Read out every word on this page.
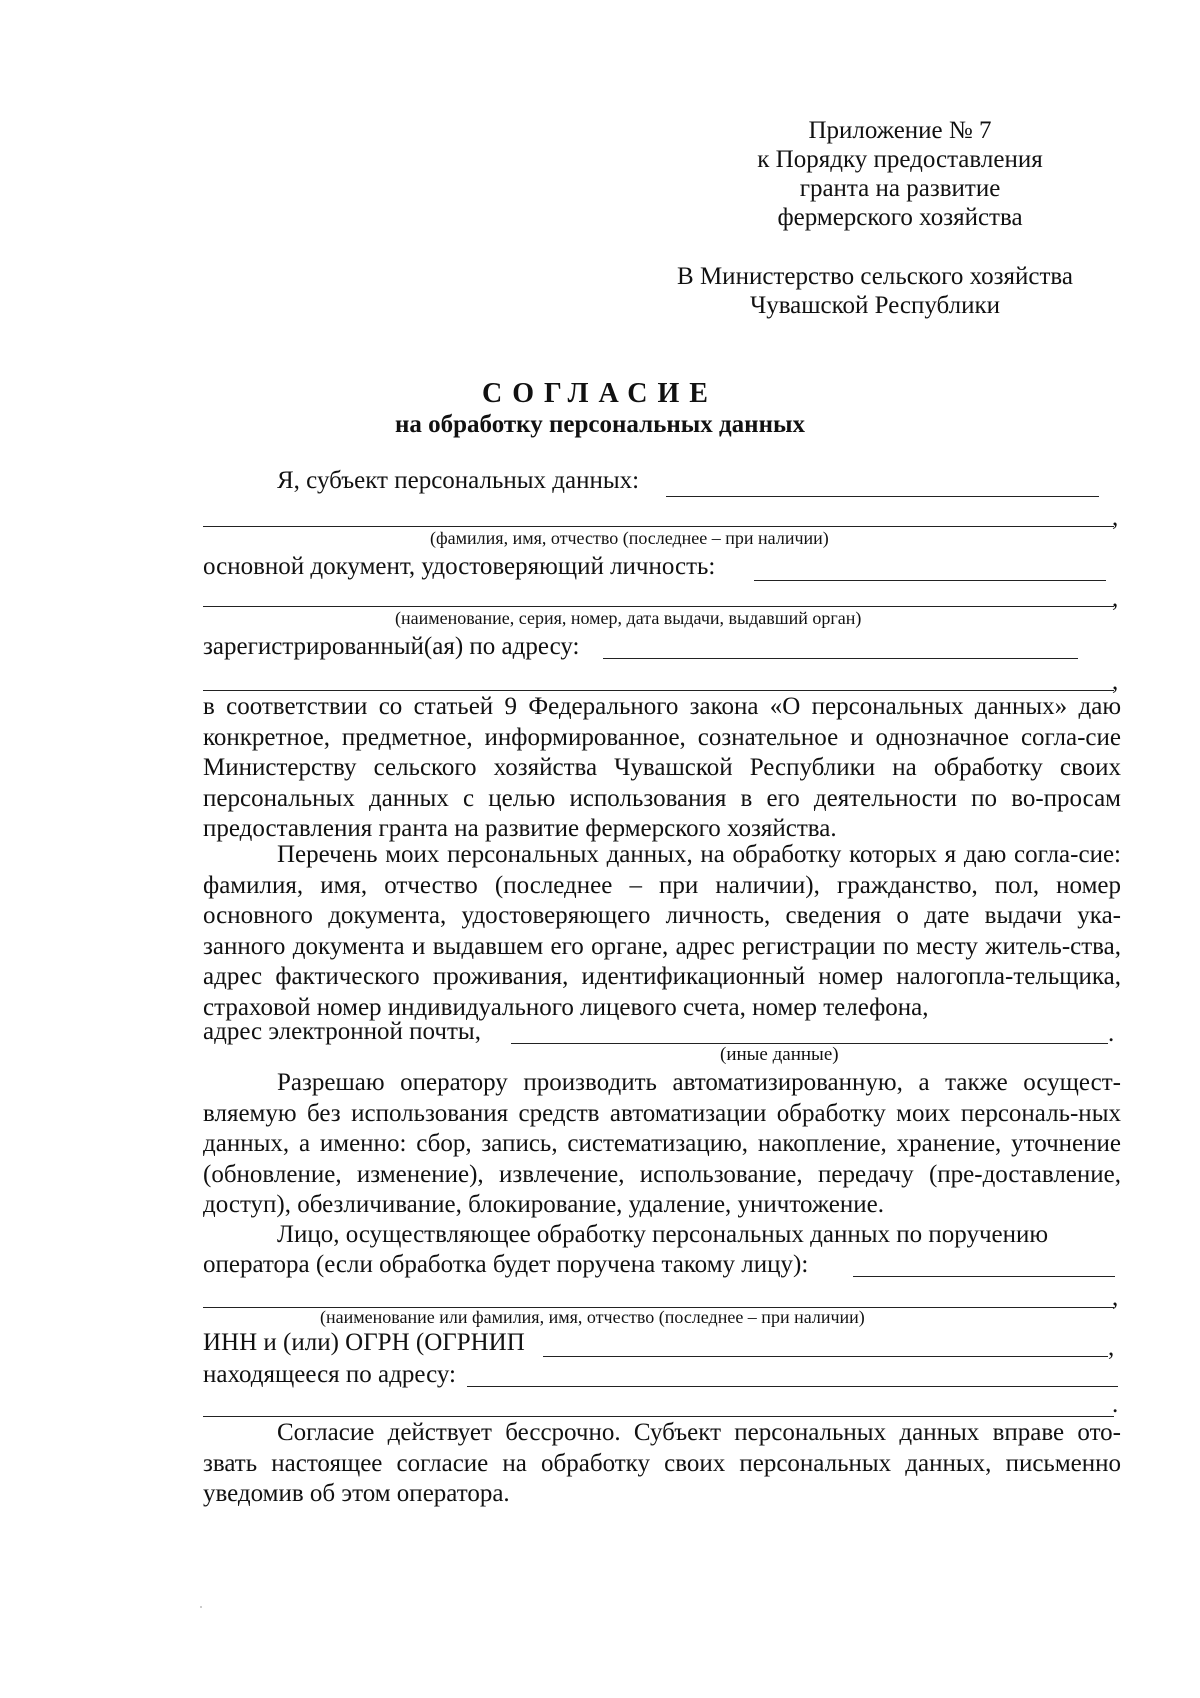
Приложение № 7
к Порядку предоставления
гранта на развитие
фермерского хозяйства
В Министерство сельского хозяйства
Чувашской Республики
СОГЛАСИЕ
на обработку персональных данных
Я, субъект персональных данных:
,
(фамилия, имя, отчество (последнее – при наличии)
основной документ, удостоверяющий личность:
,
(наименование, серия, номер, дата выдачи, выдавший орган)
зарегистрированный(ая) по адресу:
,
в соответствии со статьей 9 Федерального закона «О персональных данных» даю конкретное, предметное, информированное, сознательное и однозначное согла-сие Министерству сельского хозяйства Чувашской Республики на обработку своих персональных данных с целью использования в его деятельности по во-просам предоставления гранта на развитие фермерского хозяйства.
Перечень моих персональных данных, на обработку которых я даю согла-сие: фамилия, имя, отчество (последнее – при наличии), гражданство, пол, номер основного документа, удостоверяющего личность, сведения о дате выдачи ука-занного документа и выдавшем его органе, адрес регистрации по месту житель-ства, адрес фактического проживания, идентификационный номер налогопла-тельщика, страховой номер индивидуального лицевого счета, номер телефона,
адрес электронной почты,	.
(иные данные)
Разрешаю оператору производить автоматизированную, а также осущест-вляемую без использования средств автоматизации обработку моих персональ-ных данных, а именно: сбор, запись, систематизацию, накопление, хранение, уточнение (обновление, изменение), извлечение, использование, передачу (пре-доставление, доступ), обезличивание, блокирование, удаление, уничтожение.
Лицо, осуществляющее обработку персональных данных по поручению
оператора (если обработка будет поручена такому лицу):
,
(наименование или фамилия, имя, отчество (последнее – при наличии)
ИНН и (или) ОГРН (ОГРНИП	,
находящееся по адресу:
.
Согласие действует бессрочно. Субъект персональных данных вправе ото-звать настоящее согласие на обработку своих персональных данных, письменно уведомив об этом оператора.
